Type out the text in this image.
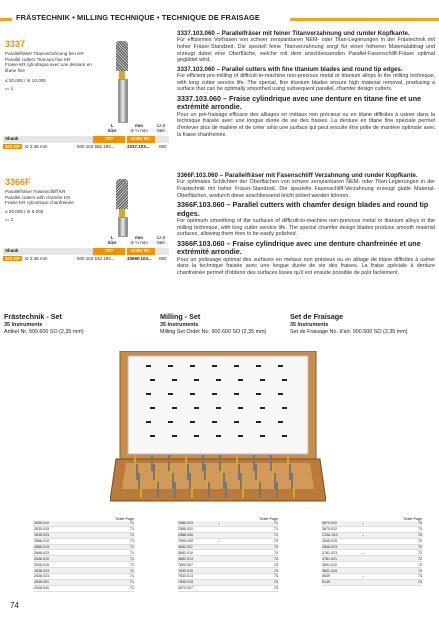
FRÄSTECHNIK • MILLING TECHNIQUE • TECHNIQUE DE FRAISAGE
3337
Parallelfräser Titanverzahnung fein KR
Parallel cutters Titanium fine KR
Fraise KR cylindrique avec une denture en
titane fine
≤ 20.000 / ⊘ 10.000
▭ 1
L
Size
mm
⊘ ½ mm
12,0
060
Shank	ISO	Order No.
103 HP ⊘ 2,35 mm	500 103 582 183...	3337.103... 060
3366F
Parallelfräser Fasenschliff KR
Parallel cutters with chamfer KR
Fraise KR cylindrique chanfreinée
≤ 20.000 / ⊘ 6.000
▭ 1
L
Size
mm
⊘ ½ mm
12,0
060
Shank	ISO	Order No.
103 HP ⊘ 2,35 mm	500 103 542 183...	3366F.103... 060
3337.103.060 – Parallelfräser mit feiner Titanverzahnung und runder Kopfkante.
Für effizientes Vorfräsen von schwer zerspanbaren NEM- oder Titan-Legierungen in der Frästechnik mit hoher Fräser-Standzeit. Die speziell feine Titanverzahnung sorgt für einen höheren Materialabtrag und erzeugt dabei eine Oberfläche, welche mit dem anschliessenden Parallel-Fasenschliff-Fräser optimal geglättet wird.
3337.103.060 – Parallel cutters with fine titanium blades and round tip edges.
For efficient pre-milling of difficult-to-machine non-precious metal or titanium alloys in the milling technique, with long cutter service life. The special, fine titanium blades ensure high material removal, producing a surface that can be optimally smoothed using subsequent parallel, chamfer design cutters.
3337.103.060 – Fraise cylindrique avec une denture en titane fine et une extrémité arrondie.
Pour un pré-fraisage efficace des alliages en métaux non précieux ou en titane difficiles à usiner dans la technique fraisée avec une longue durée de vie des fraises. La denture en titane fine spéciale permet d'enlever plus de matière et de créer ainsi une surface qui peut ensuite être polie de manière optimale avec la fraise chanfreinée.
3366F.103.060 – Parallelfräser mit Fasenschliff Verzahnung und runder Kopfkante.
Für optimales Schlichten der Oberflächen von schwer zerspanbaren NEM- oder Titan-Legierungen in der Frästechnik mit hoher Fräser-Standzeit. Die spezielle Fasenschliff-Verzahnung erzeugt glatte Material-Oberflächen, wodurch diese anschliessend leicht poliert werden können.
3366F.103.060 – Parallel cutters with chamfer design blades and round tip edges.
For optimum smoothing of the surfaces of difficult-to-machine non-precious metal or titanium alloys in the milling technique, with long cutter service life. The special chamfer design blades produce smooth material surfaces, allowing them then to be easily polished.
3366F.103.060 – Fraise cylindrique avec une denture chanfreinée et une extrémité arrondie.
Pour un polissage optimal des surfaces en métaux non précieux ou en alliage de titane difficiles à usiner dans la technique fraisée avec une longue durée de vie des fraises. La fraise spéciale à denture chanfreinée permet d'obtenir des surfaces lisses qu'il est ensuite possible de polir facilement.
Frästechnik - Set
35 Instrumente
Artikel Nr. 900.600 SO (2,35 mm)
Milling - Set
35 Instruments
Milling Set Order No. 900.600 SO (2,35 mm)
Set de Fraisage
35 Instruments
Set de Fraisage No. d'art. 900.600 SO (2,35 mm)
Seite/ Page
2635.010	71
2635.015	71
2635.023	71
3566.010	71
2666.015	71
2666.023	71
2636.010	71
2636.015	71
2636.023	71
2536.023	71
2536.031	71
2536.040	71
Seite/ Page
2586.023	–	71
2586.031	71
2586.040	71
7995.009	–	73
3682.007	73
3682.010	73
3682.013	73
7830.007	73
7830.010	73
7830.013	73
7830.015	73
3670.007	73
Seite/ Page
3670.010	–	73
3670.012	73
C33L.010	–	70
3548.015	70
3548.023	70
3781.023	–	72
3781.021	72
3601.010	72
3601.015	72
0649	–	73
0149	73
74
